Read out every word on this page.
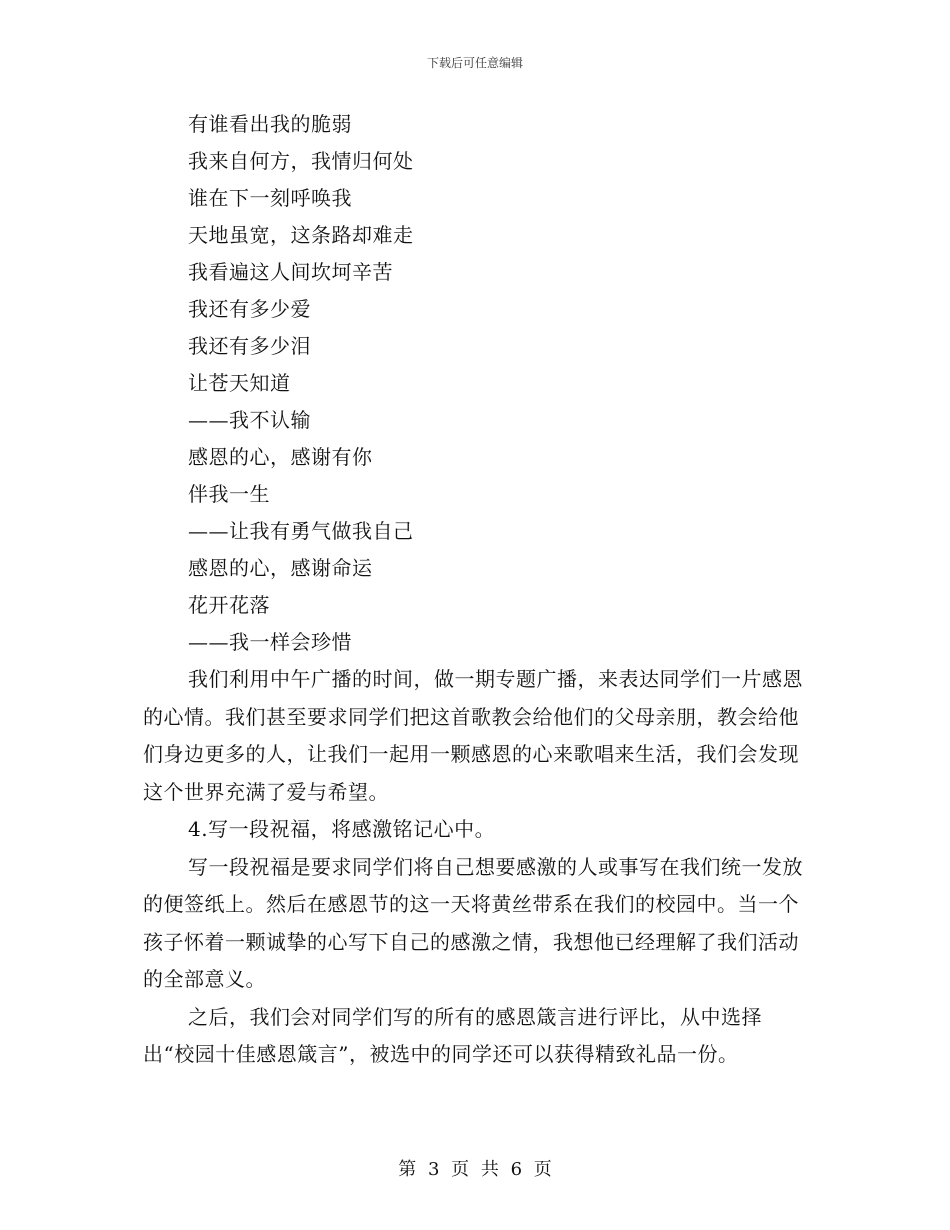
下载后可任意编辑
有谁看出我的脆弱
我来自何方，我情归何处
谁在下一刻呼唤我
天地虽宽，这条路却难走
我看遍这人间坎坷辛苦
我还有多少爱
我还有多少泪
让苍天知道
——我不认输
感恩的心，感谢有你
伴我一生
——让我有勇气做我自己
感恩的心，感谢命运
花开花落
——我一样会珍惜

我们利用中午广播的时间，做一期专题广播，来表达同学们一片感恩的心情。我们甚至要求同学们把这首歌教会给他们的父母亲朋，教会给他们身边更多的人，让我们一起用一颗感恩的心来歌唱来生活，我们会发现这个世界充满了爱与希望。

4.写一段祝福，将感激铭记心中。

写一段祝福是要求同学们将自己想要感激的人或事写在我们统一发放的便签纸上。然后在感恩节的这一天将黄丝带系在我们的校园中。当一个孩子怀着一颗诚挚的心写下自己的感激之情，我想他已经理解了我们活动的全部意义。

之后，我们会对同学们写的所有的感恩箴言进行评比，从中选择出“校园十佳感恩箴言”，被选中的同学还可以获得精致礼品一份。

第 3 页 共 6 页
